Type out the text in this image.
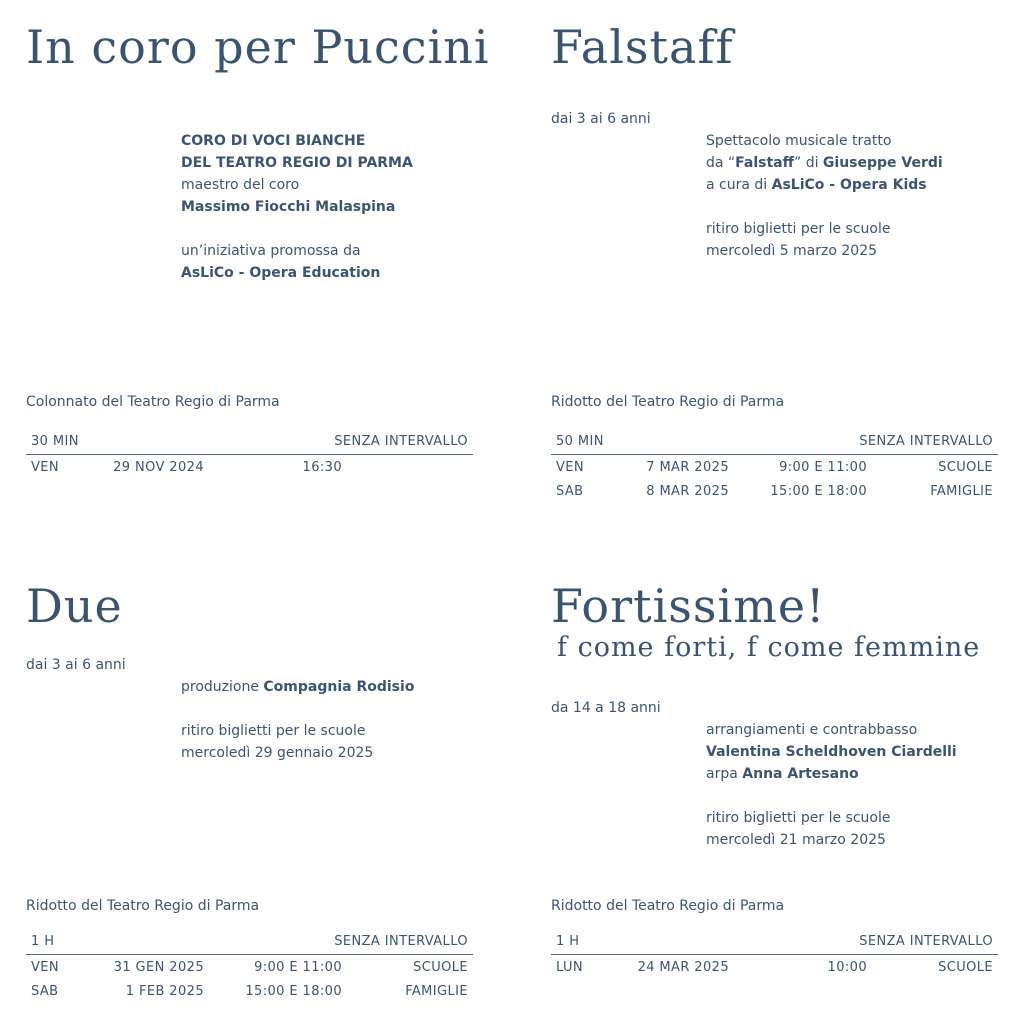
In coro per Puccini
CORO DI VOCI BIANCHE
DEL TEATRO REGIO DI PARMA
maestro del coro
Massimo Fiocchi Malaspina
un’iniziativa promossa da
AsLiCo - Opera Education
Colonnato del Teatro Regio di Parma
30 MIN	SENZA INTERVALLO
VEN	29 NOV 2024	16:30
Falstaff
dai 3 ai 6 anni
Spettacolo musicale tratto
da “Falstaff” di Giuseppe Verdi
a cura di AsLiCo - Opera Kids
ritiro biglietti per le scuole
mercoledì 5 marzo 2025
Ridotto del Teatro Regio di Parma
50 MIN	SENZA INTERVALLO
VEN	7 MAR 2025	9:00 E 11:00	SCUOLE
SAB	8 MAR 2025	15:00 E 18:00	FAMIGLIE
Due
dai 3 ai 6 anni
produzione Compagnia Rodisio
ritiro biglietti per le scuole
mercoledì 29 gennaio 2025
Ridotto del Teatro Regio di Parma
1 H	SENZA INTERVALLO
VEN	31 GEN 2025	9:00 E 11:00	SCUOLE
SAB	1 FEB 2025	15:00 E 18:00	FAMIGLIE
Fortissime!
f come forti, f come femmine
da 14 a 18 anni
arrangiamenti e contrabbasso
Valentina Scheldhoven Ciardelli
arpa Anna Artesano
ritiro biglietti per le scuole
mercoledì 21 marzo 2025
Ridotto del Teatro Regio di Parma
1 H	SENZA INTERVALLO
LUN	24 MAR 2025	10:00	SCUOLE
